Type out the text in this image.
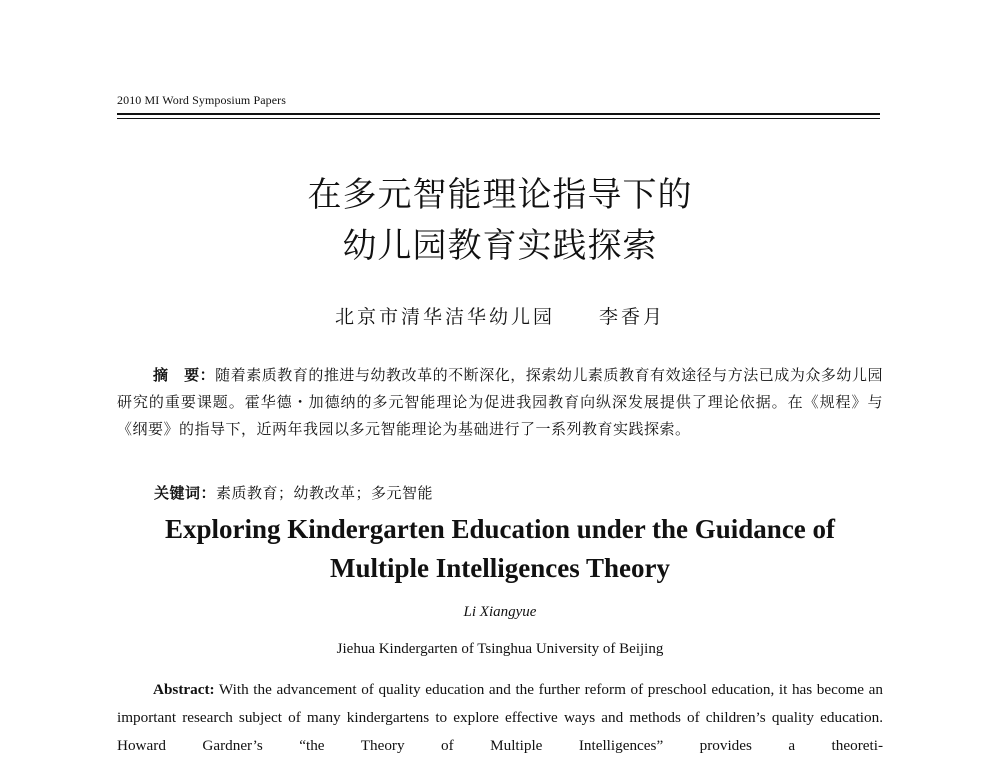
2010 MI Word Symposium Papers
在多元智能理论指导下的
幼儿园教育实践探索
北京市清华洁华幼儿园　　 李香月
摘　要：随着素质教育的推进与幼教改革的不断深化，探索幼儿素质教育有效途径与方法已成为众多幼儿园研究的重要课题。霍华德・加德纳的多元智能理论为促进我园教育向纵深发展提供了理论依据。在《规程》与《纲要》的指导下，近两年我园以多元智能理论为基础进行了一系列教育实践探索。
关键词：素质教育；幼教改革；多元智能
Exploring Kindergarten Education under the Guidance of
Multiple Intelligences Theory
Li Xiangyue
Jiehua Kindergarten of Tsinghua University of Beijing
Abstract: With the advancement of quality education and the further reform of preschool education, it has become an important research subject of many kindergartens to explore effective ways and methods of children’s quality education. Howard Gardner’s “the Theory of Multiple Intelligences” provides a theoreti-
